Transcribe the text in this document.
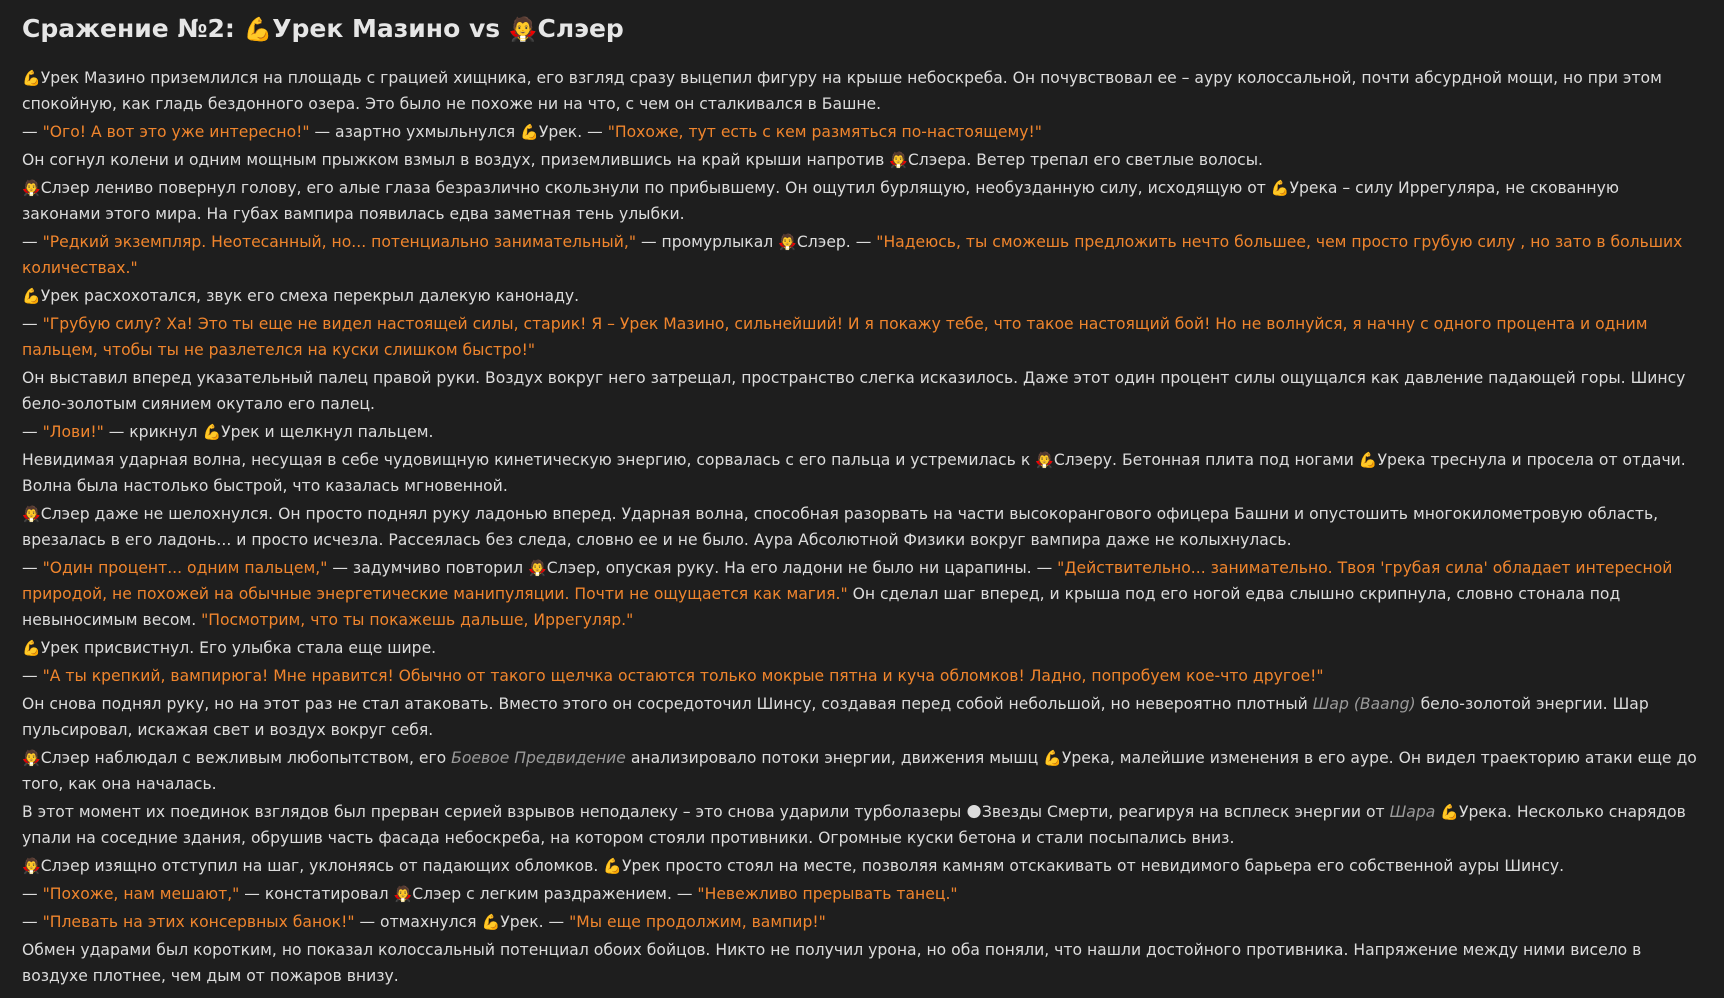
Сражение №2: 💪Урек Мазино vs 🧛Слэер

💪Урек Мазино приземлился на площадь с грацией хищника, его взгляд сразу выцепил фигуру на крыше небоскреба. Он почувствовал ее – ауру колоссальной, почти абсурдной мощи, но при этом спокойную, как гладь бездонного озера. Это было не похоже ни на что, с чем он сталкивался в Башне.

— "Ого! А вот это уже интересно!" — азартно ухмыльнулся 💪Урек. — "Похоже, тут есть с кем размяться по-настоящему!"

Он согнул колени и одним мощным прыжком взмыл в воздух, приземлившись на край крыши напротив 🧛Слэера. Ветер трепал его светлые волосы.

🧛Слэер лениво повернул голову, его алые глаза безразлично скользнули по прибывшему. Он ощутил бурлящую, необузданную силу, исходящую от 💪Урека – силу Иррегуляра, не скованную законами этого мира. На губах вампира появилась едва заметная тень улыбки.

— "Редкий экземпляр. Неотесанный, но... потенциально занимательный," — промурлыкал 🧛Слэер. — "Надеюсь, ты сможешь предложить нечто большее, чем просто грубую силу , но зато в больших количествах."

💪Урек расхохотался, звук его смеха перекрыл далекую канонаду.

— "Грубую силу? Ха! Это ты еще не видел настоящей силы, старик! Я – Урек Мазино, сильнейший! И я покажу тебе, что такое настоящий бой! Но не волнуйся, я начну с одного процента и одним пальцем, чтобы ты не разлетелся на куски слишком быстро!"

Он выставил вперед указательный палец правой руки. Воздух вокруг него затрещал, пространство слегка исказилось. Даже этот один процент силы ощущался как давление падающей горы. Шинсу бело-золотым сиянием окутало его палец.

— "Лови!" — крикнул 💪Урек и щелкнул пальцем.

Невидимая ударная волна, несущая в себе чудовищную кинетическую энергию, сорвалась с его пальца и устремилась к 🧛Слэеру. Бетонная плита под ногами 💪Урека треснула и просела от отдачи. Волна была настолько быстрой, что казалась мгновенной.

🧛Слэер даже не шелохнулся. Он просто поднял руку ладонью вперед. Ударная волна, способная разорвать на части высокорангового офицера Башни и опустошить многокилометровую область, врезалась в его ладонь... и просто исчезла. Рассеялась без следа, словно ее и не было. Аура Абсолютной Физики вокруг вампира даже не колыхнулась.

— "Один процент... одним пальцем," — задумчиво повторил 🧛Слэер, опуская руку. На его ладони не было ни царапины. — "Действительно... занимательно. Твоя 'грубая сила' обладает интересной природой, не похожей на обычные энергетические манипуляции. Почти не ощущается как магия." Он сделал шаг вперед, и крыша под его ногой едва слышно скрипнула, словно стонала под невыносимым весом. "Посмотрим, что ты покажешь дальше, Иррегуляр."

💪Урек присвистнул. Его улыбка стала еще шире.

— "А ты крепкий, вампирюга! Мне нравится! Обычно от такого щелчка остаются только мокрые пятна и куча обломков! Ладно, попробуем кое-что другое!"

Он снова поднял руку, но на этот раз не стал атаковать. Вместо этого он сосредоточил Шинсу, создавая перед собой небольшой, но невероятно плотный Шар (Baang) бело-золотой энергии. Шар пульсировал, искажая свет и воздух вокруг себя.

🧛Слэер наблюдал с вежливым любопытством, его Боевое Предвидение анализировало потоки энергии, движения мышц 💪Урека, малейшие изменения в его ауре. Он видел траекторию атаки еще до того, как она началась.

В этот момент их поединок взглядов был прерван серией взрывов неподалеку – это снова ударили турболазеры 🌑Звезды Смерти, реагируя на всплеск энергии от Шара 💪Урека. Несколько снарядов упали на соседние здания, обрушив часть фасада небоскреба, на котором стояли противники. Огромные куски бетона и стали посыпались вниз.

🧛Слэер изящно отступил на шаг, уклоняясь от падающих обломков. 💪Урек просто стоял на месте, позволяя камням отскакивать от невидимого барьера его собственной ауры Шинсу.

— "Похоже, нам мешают," — констатировал 🧛Слэер с легким раздражением. — "Невежливо прерывать танец."

— "Плевать на этих консервных банок!" — отмахнулся 💪Урек. — "Мы еще продолжим, вампир!"

Обмен ударами был коротким, но показал колоссальный потенциал обоих бойцов. Никто не получил урона, но оба поняли, что нашли достойного противника. Напряжение между ними висело в воздухе плотнее, чем дым от пожаров внизу.
